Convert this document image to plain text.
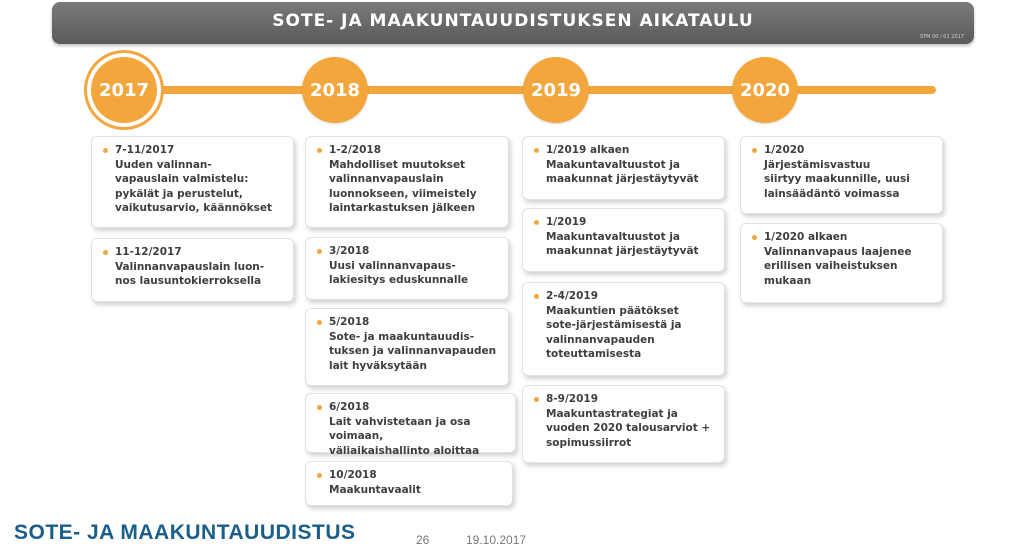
SOTE- JA MAAKUNTAUUDISTUKSEN AIKATAULU
STM 00 / 01 2017
2017	2018	2019	2020
7-11/2017
Uuden valinnan-
vapauslain valmistelu:
pykälät ja perustelut,
vaikutusarvio, käännökset
11-12/2017
Valinnanvapauslain luon-
nos lausuntokierroksella
1-2/2018
Mahdolliset muutokset
valinnanvapauslain
luonnokseen, viimeistely
laintarkastuksen jälkeen
3/2018
Uusi valinnanvapaus-
lakiesitys eduskunnalle
5/2018
Sote- ja maakuntauudis-
tuksen ja valinnanvapauden
lait hyväksytään
6/2018
Lait vahvistetaan ja osa voimaan,
väliaikaishallinto aloittaa
10/2018
Maakuntavaalit
1/2019 alkaen
Maakuntavaltuustot ja
maakunnat järjestäytyvät
1/2019
Maakuntavaltuustot ja
maakunnat järjestäytyvät
2-4/2019
Maakuntien päätökset
sote-järjestämisestä ja
valinnanvapauden
toteuttamisesta
8-9/2019
Maakuntastrategiat ja
vuoden 2020 talousarviot +
sopimussiirrot
1/2020
Järjestämisvastuu
siirtyy maakunnille, uusi
lainsäädäntö voimassa
1/2020 alkaen
Valinnanvapaus laajenee
erillisen vaiheistuksen
mukaan
SOTE- JA MAAKUNTAUUDISTUS	26	19.10.2017
